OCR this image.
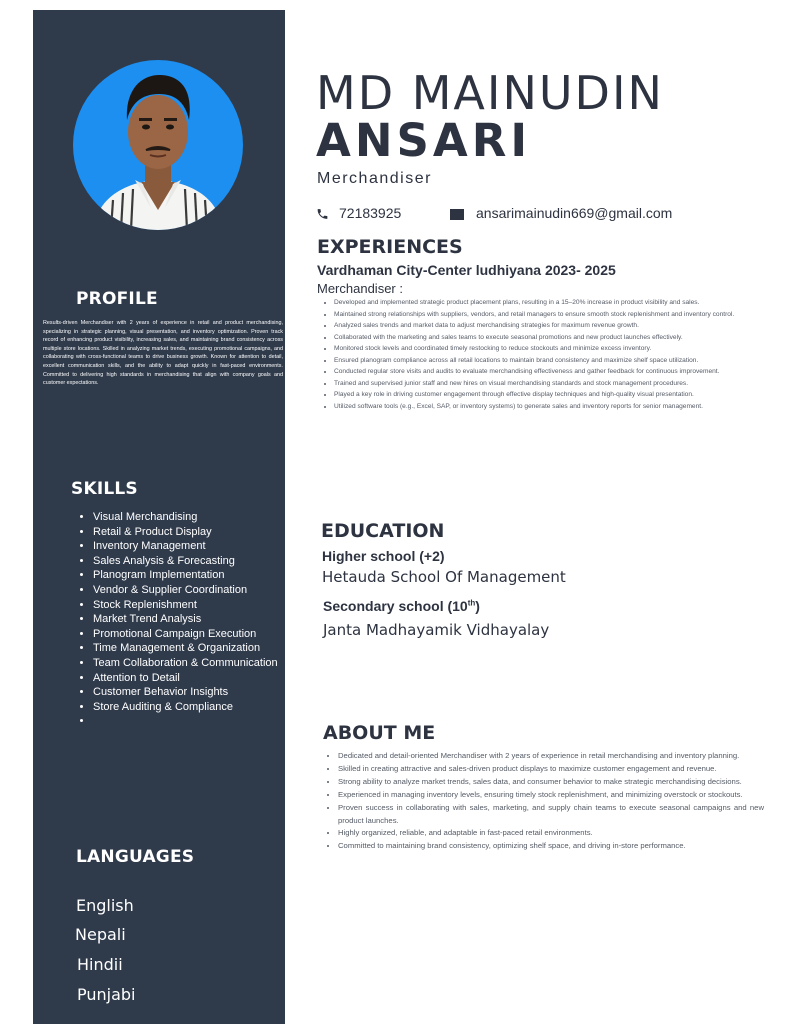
PROFILE
Results-driven Merchandiser with 2 years of experience in retail and product merchandising, specializing in strategic planning, visual presentation, and inventory optimization. Proven track record of enhancing product visibility, increasing sales, and maintaining brand consistency across multiple store locations. Skilled in analyzing market trends, executing promotional campaigns, and collaborating with cross-functional teams to drive business growth. Known for attention to detail, excellent communication skills, and the ability to adapt quickly in fast-paced environments. Committed to delivering high standards in merchandising that align with company goals and customer expectations.
SKILLS
• Visual Merchandising
• Retail & Product Display
• Inventory Management
• Sales Analysis & Forecasting
• Planogram Implementation
• Vendor & Supplier Coordination
• Stock Replenishment
• Market Trend Analysis
• Promotional Campaign Execution
• Time Management & Organization
• Team Collaboration & Communication
• Attention to Detail
• Customer Behavior Insights
• Store Auditing & Compliance
•
LANGUAGES
English
Nepali
Hindii
Punjabi
MD MAINUDIN
ANSARI
Merchandiser
72183925	ansarimainudin669@gmail.com
EXPERIENCES
Vardhaman City-Center ludhiyana 2023- 2025
Merchandiser :
• Developed and implemented strategic product placement plans, resulting in a 15–20% increase in product visibility and sales.
• Maintained strong relationships with suppliers, vendors, and retail managers to ensure smooth stock replenishment and inventory control.
• Analyzed sales trends and market data to adjust merchandising strategies for maximum revenue growth.
• Collaborated with the marketing and sales teams to execute seasonal promotions and new product launches effectively.
• Monitored stock levels and coordinated timely restocking to reduce stockouts and minimize excess inventory.
• Ensured planogram compliance across all retail locations to maintain brand consistency and maximize shelf space utilization.
• Conducted regular store visits and audits to evaluate merchandising effectiveness and gather feedback for continuous improvement.
• Trained and supervised junior staff and new hires on visual merchandising standards and stock management procedures.
• Played a key role in driving customer engagement through effective display techniques and high-quality visual presentation.
• Utilized software tools (e.g., Excel, SAP, or inventory systems) to generate sales and inventory reports for senior management.
EDUCATION
Higher school (+2)
Hetauda School Of Management
Secondary school (10th)
Janta Madhayamik Vidhayalay
ABOUT ME
• Dedicated and detail-oriented Merchandiser with 2 years of experience in retail merchandising and inventory planning.
• Skilled in creating attractive and sales-driven product displays to maximize customer engagement and revenue.
• Strong ability to analyze market trends, sales data, and consumer behavior to make strategic merchandising decisions.
• Experienced in managing inventory levels, ensuring timely stock replenishment, and minimizing overstock or stockouts.
• Proven success in collaborating with sales, marketing, and supply chain teams to execute seasonal campaigns and new product launches.
• Highly organized, reliable, and adaptable in fast-paced retail environments.
• Committed to maintaining brand consistency, optimizing shelf space, and driving in-store performance.
